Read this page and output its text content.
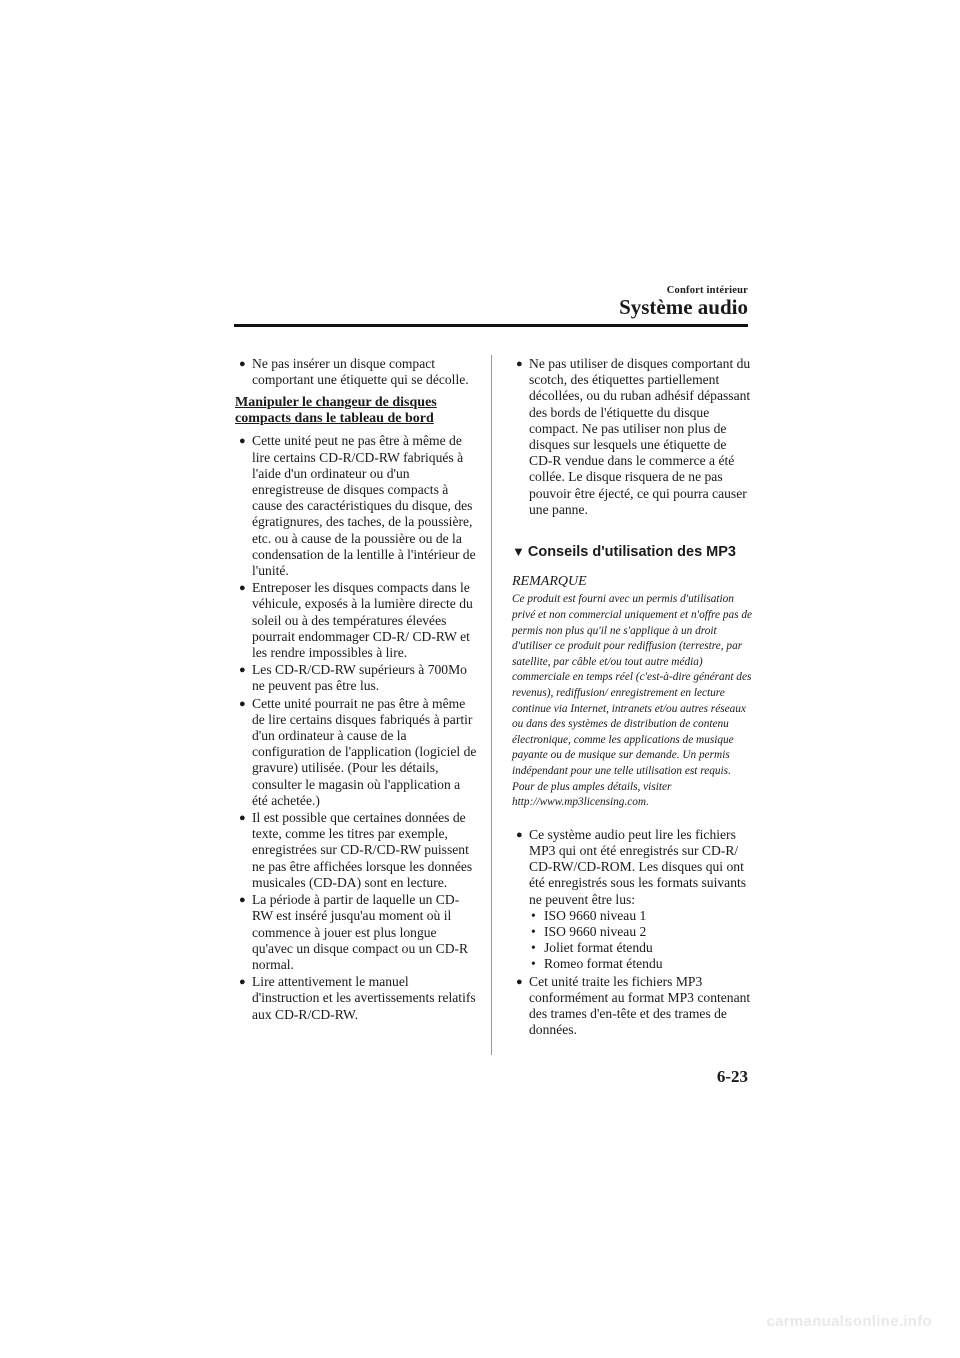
Confort intérieur
Système audio
● Ne pas insérer un disque compact comportant une étiquette qui se décolle.
Manipuler le changeur de disques compacts dans le tableau de bord
● Cette unité peut ne pas être à même de lire certains CD-R/CD-RW fabriqués à l'aide d'un ordinateur ou d'un enregistreuse de disques compacts à cause des caractéristiques du disque, des égratignures, des taches, de la poussière, etc. ou à cause de la poussière ou de la condensation de la lentille à l'intérieur de l'unité.
● Entreposer les disques compacts dans le véhicule, exposés à la lumière directe du soleil ou à des températures élevées pourrait endommager CD-R/ CD-RW et les rendre impossibles à lire.
● Les CD-R/CD-RW supérieurs à 700Mo ne peuvent pas être lus.
● Cette unité pourrait ne pas être à même de lire certains disques fabriqués à partir d'un ordinateur à cause de la configuration de l'application (logiciel de gravure) utilisée. (Pour les détails, consulter le magasin où l'application a été achetée.)
● Il est possible que certaines données de texte, comme les titres par exemple, enregistrées sur CD-R/CD-RW puissent ne pas être affichées lorsque les données musicales (CD-DA) sont en lecture.
● La période à partir de laquelle un CD-RW est inséré jusqu'au moment où il commence à jouer est plus longue qu'avec un disque compact ou un CD-R normal.
● Lire attentivement le manuel d'instruction et les avertissements relatifs aux CD-R/CD-RW.
● Ne pas utiliser de disques comportant du scotch, des étiquettes partiellement décollées, ou du ruban adhésif dépassant des bords de l'étiquette du disque compact. Ne pas utiliser non plus de disques sur lesquels une étiquette de CD-R vendue dans le commerce a été collée. Le disque risquera de ne pas pouvoir être éjecté, ce qui pourra causer une panne.
▼ Conseils d'utilisation des MP3
REMARQUE
Ce produit est fourni avec un permis d'utilisation privé et non commercial uniquement et n'offre pas de permis non plus qu'il ne s'applique à un droit d'utiliser ce produit pour rediffusion (terrestre, par satellite, par câble et/ou tout autre média) commerciale en temps réel (c'est-à-dire générant des revenus), rediffusion/ enregistrement en lecture continue via Internet, intranets et/ou autres réseaux ou dans des systèmes de distribution de contenu électronique, comme les applications de musique payante ou de musique sur demande. Un permis indépendant pour une telle utilisation est requis. Pour de plus amples détails, visiter http://www.mp3licensing.com.
● Ce système audio peut lire les fichiers MP3 qui ont été enregistrés sur CD-R/ CD-RW/CD-ROM. Les disques qui ont été enregistrés sous les formats suivants ne peuvent être lus:
• ISO 9660 niveau 1
• ISO 9660 niveau 2
• Joliet format étendu
• Romeo format étendu
● Cet unité traite les fichiers MP3 conformément au format MP3 contenant des trames d'en-tête et des trames de données.
6-23
carmanualsonline.info
